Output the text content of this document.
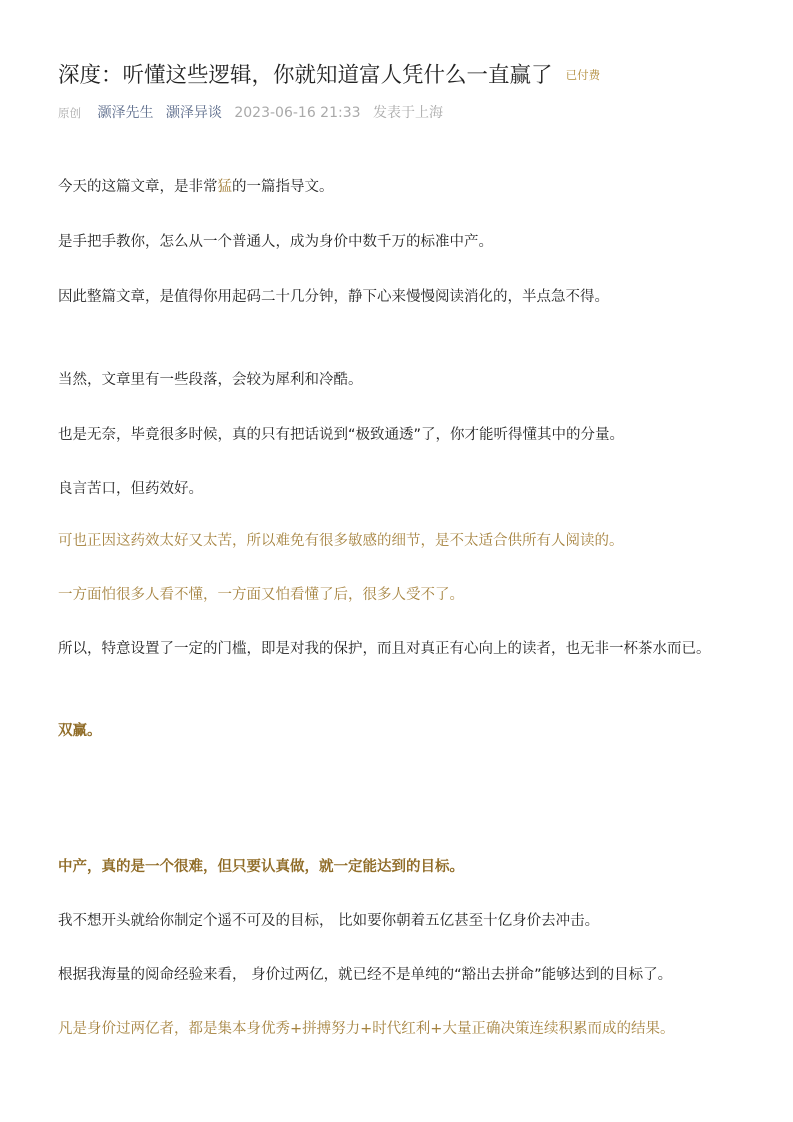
深度：听懂这些逻辑，你就知道富人凭什么一直赢了 已付费
原创 灏泽先生 灏泽异谈 2023-06-16 21:33 发表于上海

今天的这篇文章，是非常猛的一篇指导文。

是手把手教你，怎么从一个普通人，成为身价中数千万的标准中产。

因此整篇文章，是值得你用起码二十几分钟，静下心来慢慢阅读消化的，半点急不得。

当然，文章里有一些段落，会较为犀利和冷酷。

也是无奈，毕竟很多时候，真的只有把话说到“极致通透”了，你才能听得懂其中的分量。

良言苦口，但药效好。

可也正因这药效太好又太苦，所以难免有很多敏感的细节，是不太适合供所有人阅读的。

一方面怕很多人看不懂，一方面又怕看懂了后，很多人受不了。

所以，特意设置了一定的门槛，即是对我的保护，而且对真正有心向上的读者，也无非一杯茶水而已。

双赢。

中产，真的是一个很难，但只要认真做，就一定能达到的目标。

我不想开头就给你制定个遥不可及的目标， 比如要你朝着五亿甚至十亿身价去冲击。

根据我海量的阅命经验来看， 身价过两亿，就已经不是单纯的“豁出去拼命”能够达到的目标了。

凡是身价过两亿者，都是集本身优秀+拼搏努力+时代红利+大量正确决策连续积累而成的结果。
